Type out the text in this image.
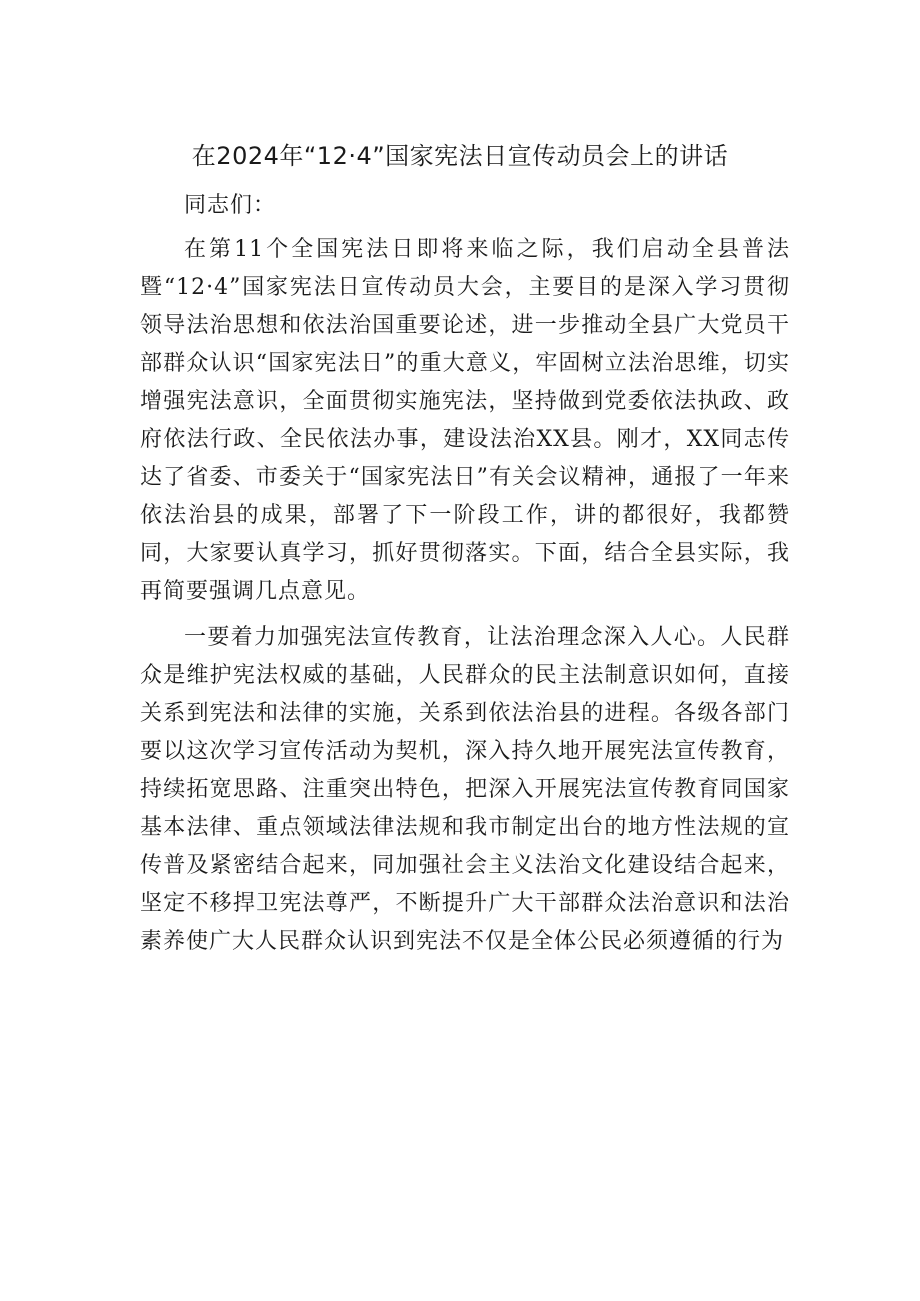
在2024年“12·4”国家宪法日宣传动员会上的讲话

同志们：

在第11个全国宪法日即将来临之际，我们启动全县普法暨“12·4”国家宪法日宣传动员大会，主要目的是深入学习贯彻领导法治思想和依法治国重要论述，进一步推动全县广大党员干部群众认识“国家宪法日”的重大意义，牢固树立法治思维，切实增强宪法意识，全面贯彻实施宪法，坚持做到党委依法执政、政府依法行政、全民依法办事，建设法治XX县。刚才，XX同志传达了省委、市委关于“国家宪法日”有关会议精神，通报了一年来依法治县的成果，部署了下一阶段工作，讲的都很好，我都赞同，大家要认真学习，抓好贯彻落实。下面，结合全县实际，我再简要强调几点意见。

一要着力加强宪法宣传教育，让法治理念深入人心。人民群众是维护宪法权威的基础，人民群众的民主法制意识如何，直接关系到宪法和法律的实施，关系到依法治县的进程。各级各部门要以这次学习宣传活动为契机，深入持久地开展宪法宣传教育，持续拓宽思路、注重突出特色，把深入开展宪法宣传教育同国家基本法律、重点领域法律法规和我市制定出台的地方性法规的宣传普及紧密结合起来，同加强社会主义法治文化建设结合起来，坚定不移捍卫宪法尊严，不断提升广大干部群众法治意识和法治素养使广大人民群众认识到宪法不仅是全体公民必须遵循的行为
